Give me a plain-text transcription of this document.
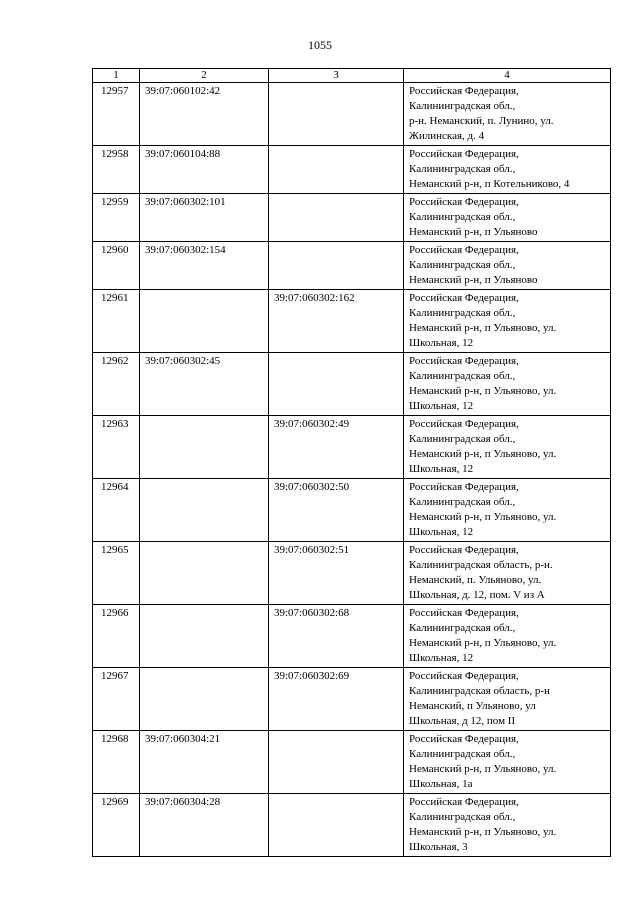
1055
1	2	3	4
12957	39:07:060102:42		Российская Федерация,
Калининградская обл.,
р-н. Неманский, п. Лунино, ул.
Жилинская, д. 4

12958	39:07:060104:88		Российская Федерация,
Калининградская обл.,
Неманский р-н, п Котельниково, 4

12959	39:07:060302:101		Российская Федерация,
Калининградская обл.,
Неманский р-н, п Ульяново

12960	39:07:060302:154		Российская Федерация,
Калининградская обл.,
Неманский р-н, п Ульяново

12961		39:07:060302:162	Российская Федерация,
Калининградская обл.,
Неманский р-н, п Ульяново, ул.
Школьная, 12

12962	39:07:060302:45		Российская Федерация,
Калининградская обл.,
Неманский р-н, п Ульяново, ул.
Школьная, 12

12963		39:07:060302:49	Российская Федерация,
Калининградская обл.,
Неманский р-н, п Ульяново, ул.
Школьная, 12

12964		39:07:060302:50	Российская Федерация,
Калининградская обл.,
Неманский р-н, п Ульяново, ул.
Школьная, 12

12965		39:07:060302:51	Российская Федерация,
Калининградская область, р-н.
Неманский, п. Ульяново, ул.
Школьная, д. 12, пом. V из А

12966		39:07:060302:68	Российская Федерация,
Калининградская обл.,
Неманский р-н, п Ульяново, ул.
Школьная, 12

12967		39:07:060302:69	Российская Федерация,
Калининградская область, р-н
Неманский, п Ульяново, ул
Школьная, д 12, пом II

12968	39:07:060304:21		Российская Федерация,
Калининградская обл.,
Неманский р-н, п Ульяново, ул.
Школьная, 1а

12969	39:07:060304:28		Российская Федерация,
Калининградская обл.,
Неманский р-н, п Ульяново, ул.
Школьная, 3
